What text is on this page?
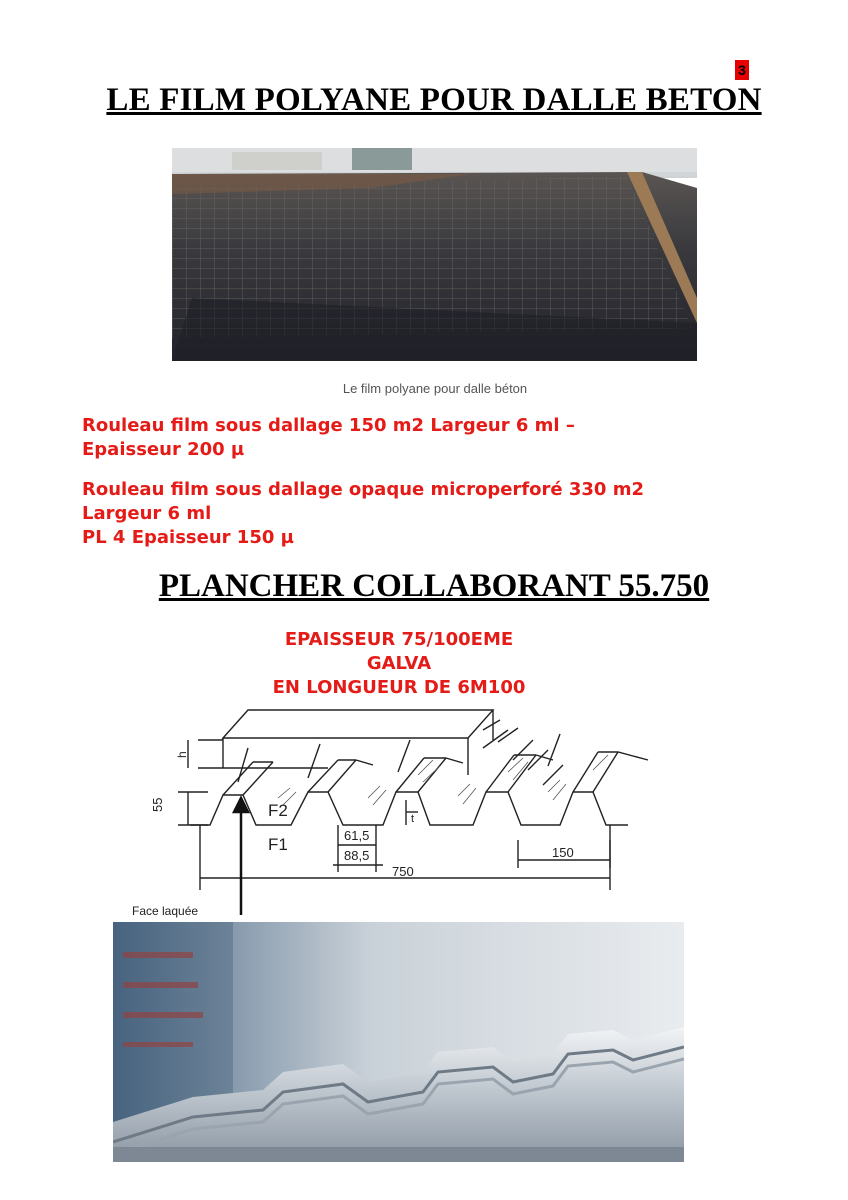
3
LE FILM POLYANE POUR DALLE BETON
Le film polyane pour dalle béton
Rouleau film sous dallage 150 m2 Largeur 6 ml –
Epaisseur 200 µ
Rouleau film sous dallage opaque microperforé 330 m2
Largeur 6 ml
PL 4 Epaisseur 150 µ
PLANCHER COLLABORANT 55.750
EPAISSEUR 75/100EME
GALVA
EN LONGUEUR DE 6M100
h
55	F2
F1
t
61,5
88,5
750
150
Face laquée
